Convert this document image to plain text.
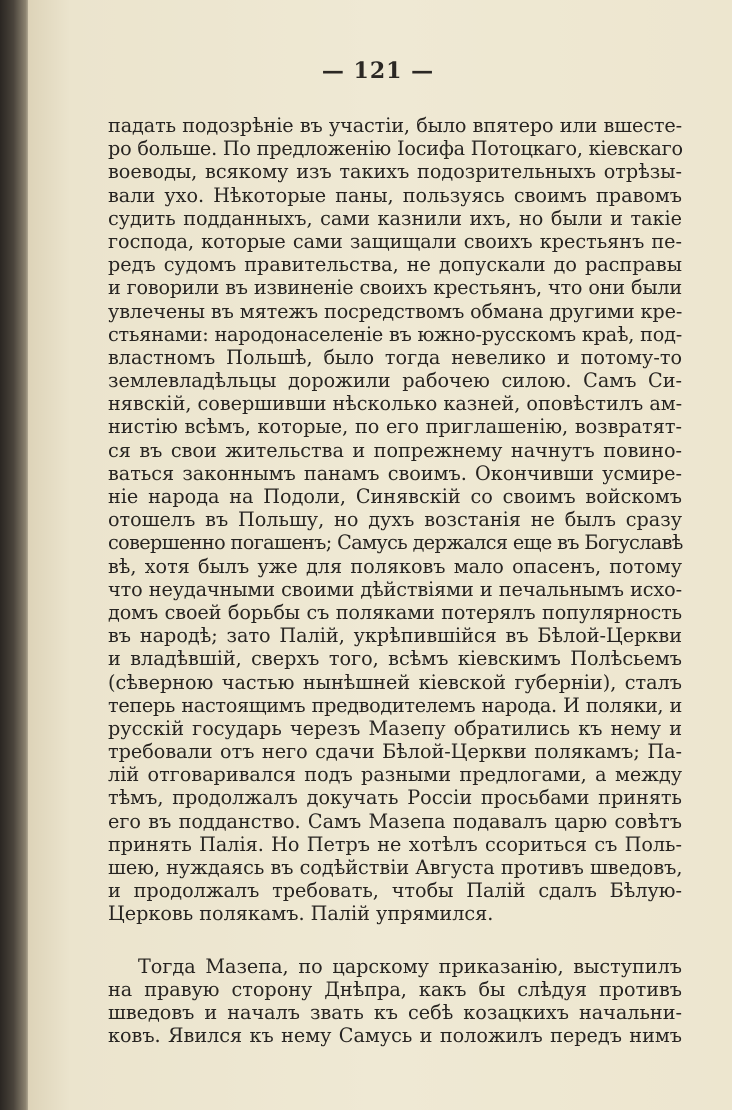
— 121 —
падать подозрѣніе въ участіи, было впятеро или вшесте-
ро больше. По предложенію Іосифа Потоцкаго, кіевскаго
воеводы, всякому изъ такихъ подозрительныхъ отрѣзы-
вали ухо. Нѣкоторые паны, пользуясь своимъ правомъ
судить подданныхъ, сами казнили ихъ, но были и такіе
господа, которые сами защищали своихъ крестьянъ пе-
редъ судомъ правительства, не допускали до расправы
и говорили въ извиненіе своихъ крестьянъ, что они были
увлечены въ мятежъ посредствомъ обмана другими кре-
стьянами: народонаселеніе въ южно-русскомъ краѣ, под-
властномъ Польшѣ, было тогда невелико и потому-то
землевладѣльцы дорожили рабочею силою. Самъ Си-
нявскій, совершивши нѣсколько казней, оповѣстилъ ам-
нистію всѣмъ, которые, по его приглашенію, возвратят-
ся въ свои жительства и попрежнему начнутъ повино-
ваться законнымъ панамъ своимъ. Окончивши усмире-
ніе народа на Подоли, Синявскій со своимъ войскомъ
отошелъ въ Польшу, но духъ возстанія не былъ сразу
совершенно погашенъ; Самусь держался еще въ Богуславѣ
вѣ, хотя былъ уже для поляковъ мало опасенъ, потому
что неудачными своими дѣйствіями и печальнымъ исхо-
домъ своей борьбы съ поляками потерялъ популярность
въ народѣ; зато Палій, укрѣпившійся въ Бѣлой-Церкви
и владѣвшій, сверхъ того, всѣмъ кіевскимъ Полѣсьемъ
(сѣверною частью нынѣшней кіевской губерніи), сталъ
теперь настоящимъ предводителемъ народа. И поляки, и
русскій государь черезъ Мазепу обратились къ нему и
требовали отъ него сдачи Бѣлой-Церкви полякамъ; Па-
лій отговаривался подъ разными предлогами, а между
тѣмъ, продолжалъ докучать Россіи просьбами принять
его въ подданство. Самъ Мазепа подавалъ царю совѣтъ
принять Палія. Но Петръ не хотѣлъ ссориться съ Поль-
шею, нуждаясь въ содѣйствіи Августа противъ шведовъ,
и продолжалъ требовать, чтобы Палій сдалъ Бѣлую-
Церковь полякамъ. Палій упрямился.
Тогда Мазепа, по царскому приказанію, выступилъ
на правую сторону Днѣпра, какъ бы слѣдуя противъ
шведовъ и началъ звать къ себѣ козацкихъ начальни-
ковъ. Явился къ нему Самусь и положилъ передъ нимъ
